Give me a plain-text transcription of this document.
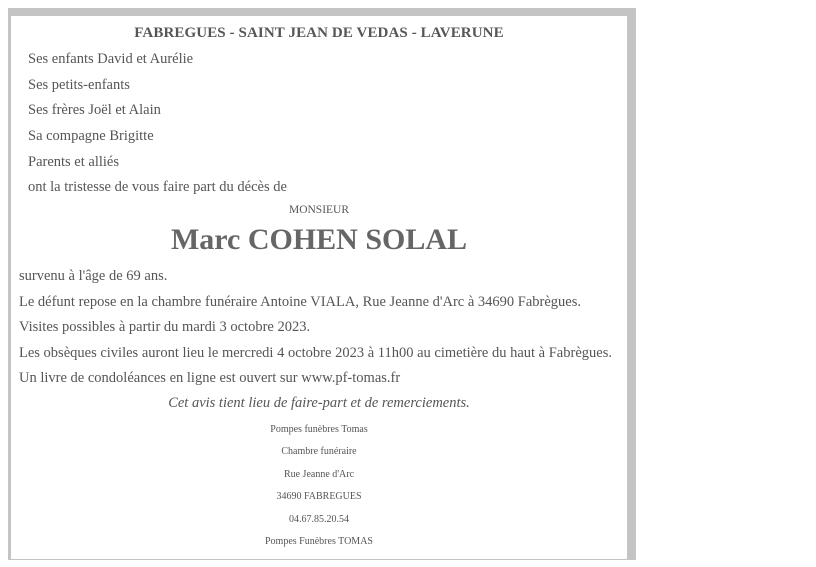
FABREGUES - SAINT JEAN DE VEDAS - LAVERUNE
Ses enfants David et Aurélie
Ses petits-enfants
Ses frères Joël et Alain
Sa compagne Brigitte
Parents et alliés
ont la tristesse de vous faire part du décès de
MONSIEUR
Marc COHEN SOLAL
survenu à l'âge de 69 ans.
Le défunt repose en la chambre funéraire Antoine VIALA, Rue Jeanne d'Arc à 34690 Fabrègues.
Visites possibles à partir du mardi 3 octobre 2023.
Les obsèques civiles auront lieu le mercredi 4 octobre 2023 à 11h00 au cimetière du haut à Fabrègues.
Un livre de condoléances en ligne est ouvert sur www.pf-tomas.fr
Cet avis tient lieu de faire-part et de remerciements.
Pompes funèbres Tomas
Chambre funéraire
Rue Jeanne d'Arc
34690 FABREGUES
04.67.85.20.54
Pompes Funèbres TOMAS
